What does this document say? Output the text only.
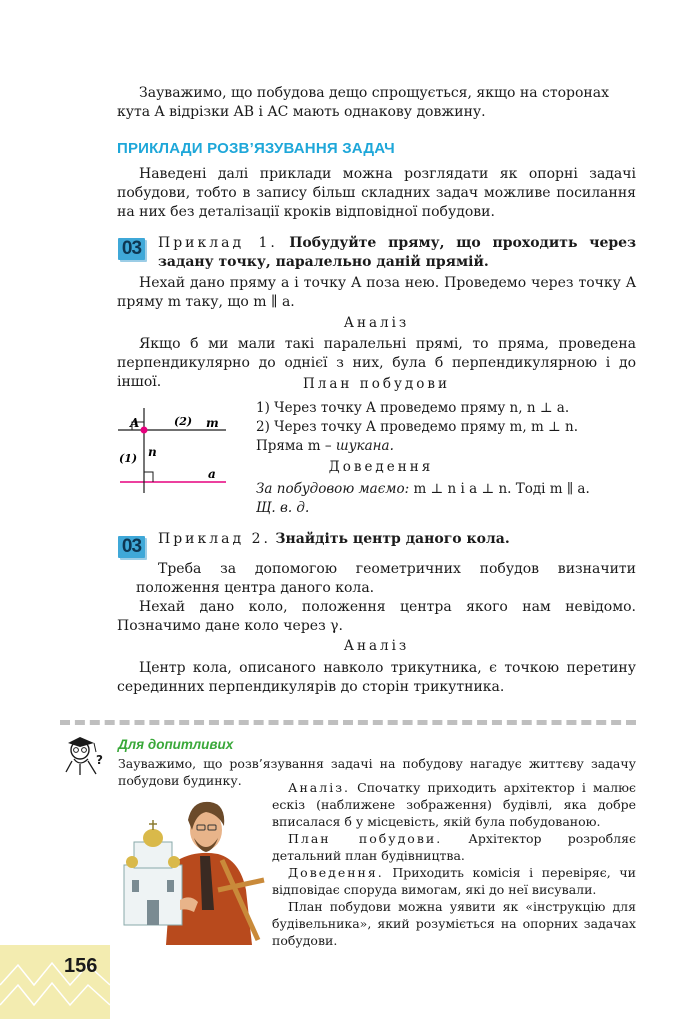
Зауважимо, що побудова дещо спрощується, якщо на сторонах
кута A відрізки AB і AC мають однакову довжину.
ПРИКЛАДИ РОЗВ’ЯЗУВАННЯ ЗАДАЧ
Наведені далі приклади можна розглядати як опорні задачі побудови, тобто в запису більш складних задач можливе посилання на них без деталізації кроків відповідної побудови.
03 Приклад 1. Побудуйте пряму, що проходить через задану точку, паралельно даній прямій.
Нехай дано пряму a і точку A поза нею. Проведемо через точку A пряму m таку, що m ∥ a.
Аналіз
Якщо б ми мали такі паралельні прямі, то пряма, проведена перпендикулярно до однієї з них, була б перпендикулярною і до іншої.	План побудови
A	(2) m
(1) n
a
1) Через точку A проведемо пряму n, n ⊥ a.
2) Через точку A проведемо пряму m, m ⊥ n.
Пряма m – шукана.
Доведення
За побудовою маємо: m ⊥ n і a ⊥ n. Тоді m ∥ a.
Щ. в. д.
03 Приклад 2. Знайдіть центр даного кола.
Треба за допомогою геометричних побудов визначити положення центра даного кола.
Нехай дано коло, положення центра якого нам невідомо. Позначимо дане коло через γ.
Аналіз
Центр кола, описаного навколо трикутника, є точкою перетину серединних перпендикулярів до сторін трикутника.
?
Для допитливих
Зауважимо, що розв’язування задачі на побудову нагадує життєву задачу побудови будинку.	Аналіз. Спочатку приходить архітектор і малює ескіз (наближене зображення) будівлі, яка добре вписалася б у місцевість, якій була побудованою.
План побудови. Архітектор розробляє детальний план будівництва.
Доведення. Приходить комісія і перевіряє, чи відповідає споруда вимогам, які до неї висували.
План побудови можна уявити як «інструкцію для будівельника», який розуміється на опорних задачах побудови.
156
